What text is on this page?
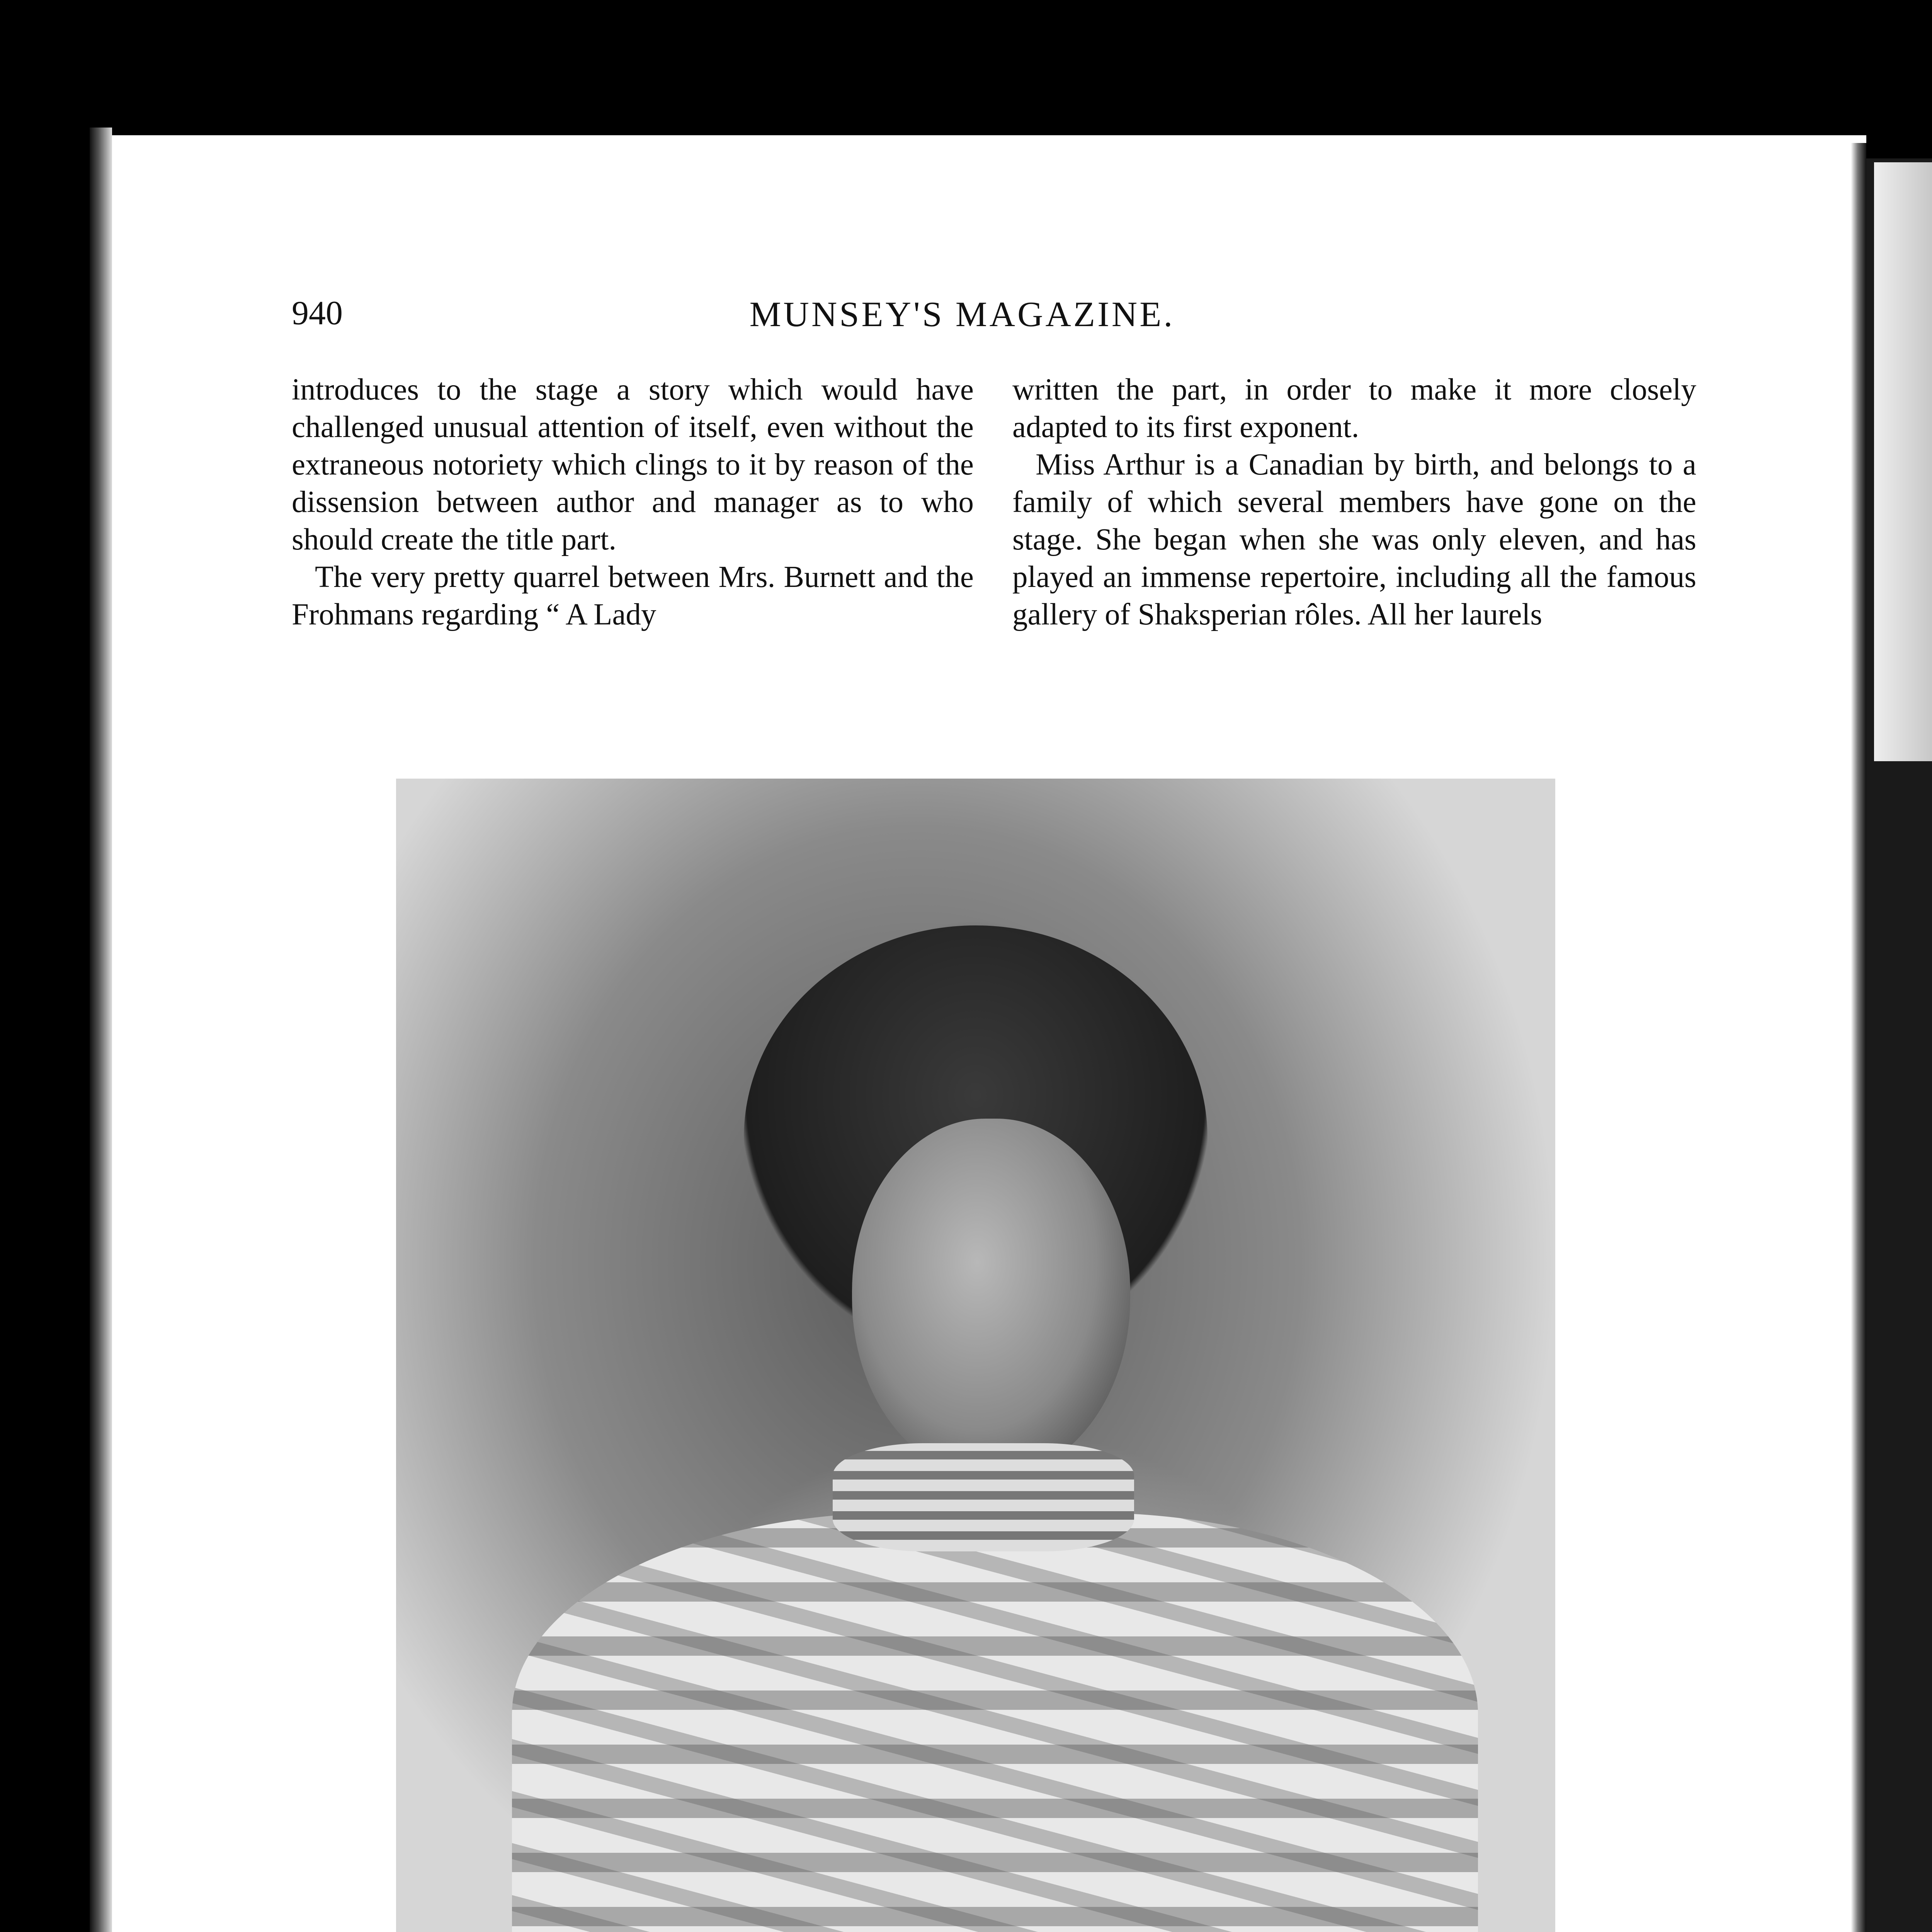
940	MUNSEY'S MAGAZINE.

introduces to the stage a story which would have challenged unusual attention of itself, even without the extraneous notoriety which clings to it by reason of the dissension between author and manager as to who should create the title part.

The very pretty quarrel between Mrs. Burnett and the Frohmans regarding “ A Lady

written the part, in order to make it more closely adapted to its first exponent.

Miss Arthur is a Canadian by birth, and belongs to a family of which several members have gone on the stage. She began when she was only eleven, and has played an immense repertoire, including all the famous gallery of Shaksperian rôles. All her laurels
